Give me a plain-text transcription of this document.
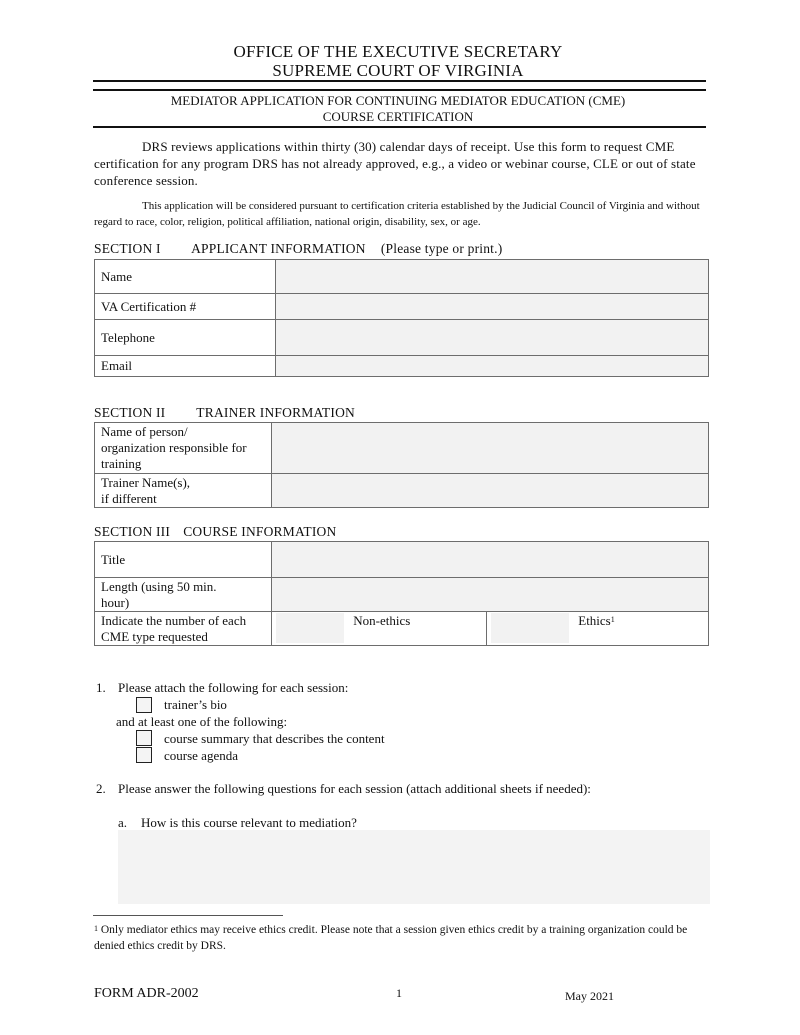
OFFICE OF THE EXECUTIVE SECRETARY
SUPREME COURT OF VIRGINIA
MEDIATOR APPLICATION FOR CONTINUING MEDIATOR EDUCATION (CME)
COURSE CERTIFICATION
DRS reviews applications within thirty (30) calendar days of receipt. Use this form to request CME certification for any program DRS has not already approved, e.g., a video or webinar course, CLE or out of state conference session.
This application will be considered pursuant to certification criteria established by the Judicial Council of Virginia and without regard to race, color, religion, political affiliation, national origin, disability, sex, or age.
SECTION I APPLICANT INFORMATION (Please type or print.)
Name	
VA Certification #	
Telephone	
Email	
SECTION II TRAINER INFORMATION
Name of person/
organization responsible for
training

Trainer Name(s),
if different

SECTION III COURSE INFORMATION
Title	

Length (using 50 min.
hour)

Indicate the number of each
CME type requested	Non-ethics	Ethics$^1$
1. Please attach the following for each session:
trainer’s bio
and at least one of the following:
course summary that describes the content
course agenda
2. Please answer the following questions for each session (attach additional sheets if needed):
a. How is this course relevant to mediation?
$^1$ Only mediator ethics may receive ethics credit. Please note that a session given ethics credit by a training organization could be denied ethics credit by DRS.
FORM ADR-2002	1	May 2021
